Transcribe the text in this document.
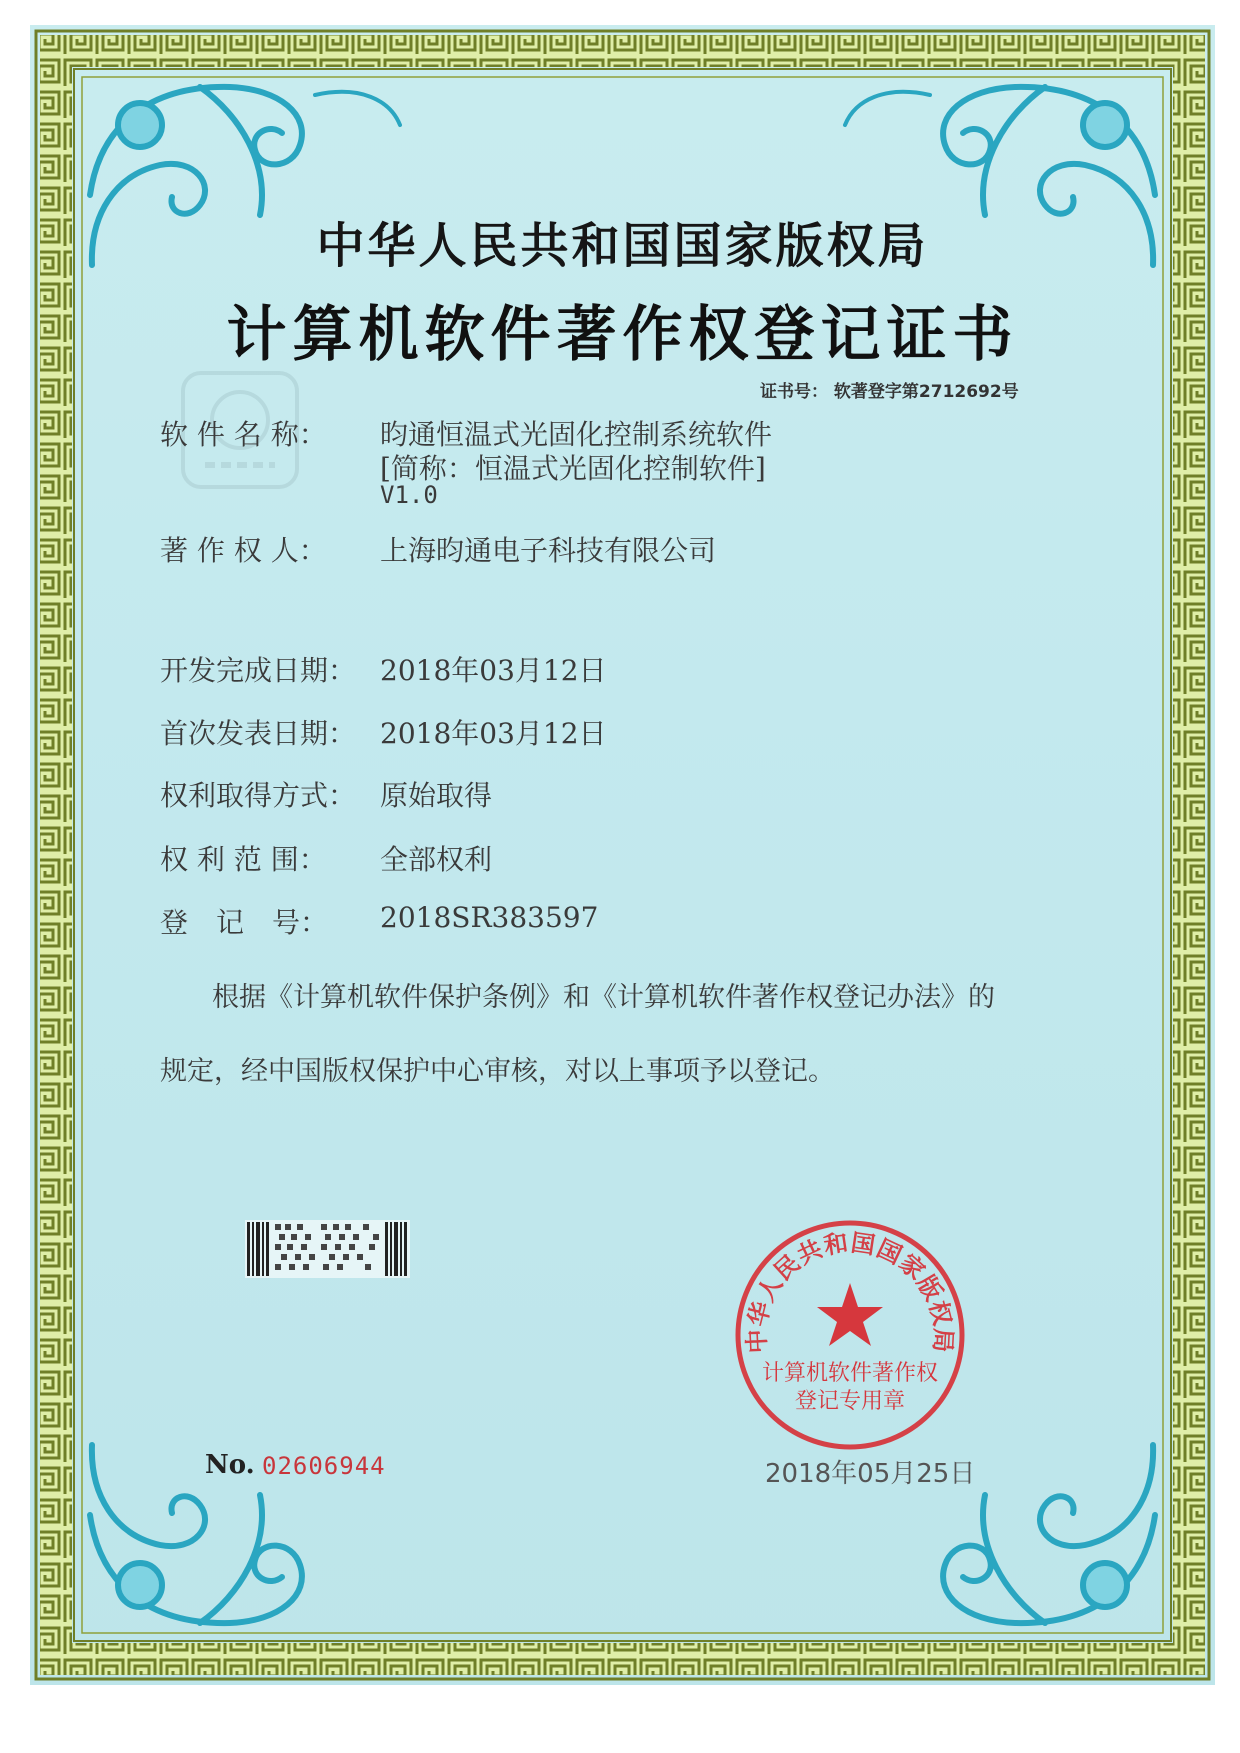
中华人民共和国国家版权局
计算机软件著作权登记证书
证书号： 软著登字第2712692号
软 件 名 称：	昀通恒温式光固化控制系统软件
[简称：恒温式光固化控制软件]
V1.0
著 作 权 人：	上海昀通电子科技有限公司
开发完成日期： 2018年03月12日
首次发表日期： 2018年03月12日
权利取得方式： 原始取得
权 利 范 围：	全部权利
登　记　号：	2018SR383597
根据《计算机软件保护条例》和《计算机软件著作权登记办法》的
规定，经中国版权保护中心审核，对以上事项予以登记。
中华人民共和国国家版权局
计算机软件著作权
登记专用章
No. 02606944	2018年05月25日
